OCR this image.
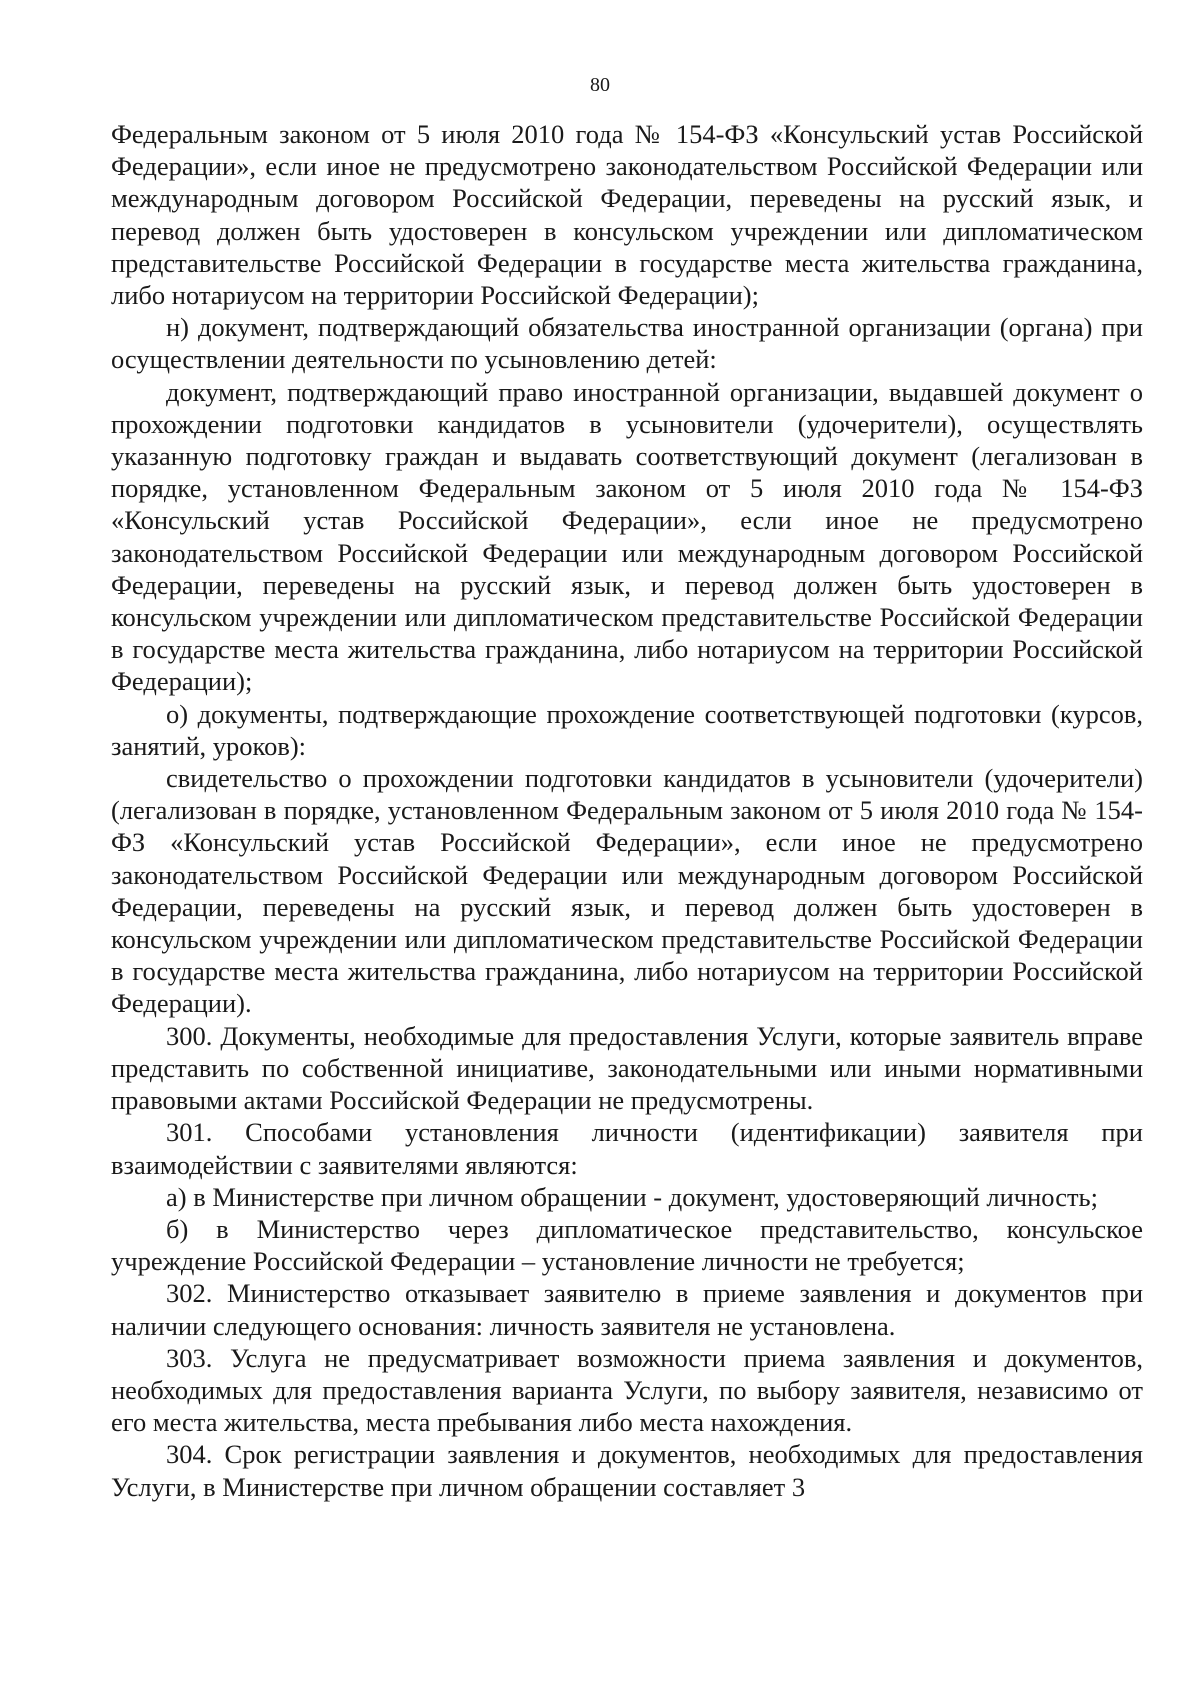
80

Федеральным законом от 5 июля 2010 года № 154-ФЗ «Консульский устав Российской Федерации», если иное не предусмотрено законодательством Российской Федерации или международным договором Российской Федерации, переведены на русский язык, и перевод должен быть удостоверен в консульском учреждении или дипломатическом представительстве Российской Федерации в государстве места жительства гражданина, либо нотариусом на территории Российской Федерации);

н) документ, подтверждающий обязательства иностранной организации (органа) при осуществлении деятельности по усыновлению детей:

документ, подтверждающий право иностранной организации, выдавшей документ о прохождении подготовки кандидатов в усыновители (удочерители), осуществлять указанную подготовку граждан и выдавать соответствующий документ (легализован в порядке, установленном Федеральным законом от 5 июля 2010 года № 154-ФЗ «Консульский устав Российской Федерации», если иное не предусмотрено законодательством Российской Федерации или международным договором Российской Федерации, переведены на русский язык, и перевод должен быть удостоверен в консульском учреждении или дипломатическом представительстве Российской Федерации в государстве места жительства гражданина, либо нотариусом на территории Российской Федерации);

о) документы, подтверждающие прохождение соответствующей подготовки (курсов, занятий, уроков):

свидетельство о прохождении подготовки кандидатов в усыновители (удочерители) (легализован в порядке, установленном Федеральным законом от 5 июля 2010 года № 154-ФЗ «Консульский устав Российской Федерации», если иное не предусмотрено законодательством Российской Федерации или международным договором Российской Федерации, переведены на русский язык, и перевод должен быть удостоверен в консульском учреждении или дипломатическом представительстве Российской Федерации в государстве места жительства гражданина, либо нотариусом на территории Российской Федерации).

300. Документы, необходимые для предоставления Услуги, которые заявитель вправе представить по собственной инициативе, законодательными или иными нормативными правовыми актами Российской Федерации не предусмотрены.

301. Способами установления личности (идентификации) заявителя при взаимодействии с заявителями являются:

а) в Министерстве при личном обращении - документ, удостоверяющий личность;

б) в Министерство через дипломатическое представительство, консульское учреждение Российской Федерации – установление личности не требуется;

302. Министерство отказывает заявителю в приеме заявления и документов при наличии следующего основания: личность заявителя не установлена.

303. Услуга не предусматривает возможности приема заявления и документов, необходимых для предоставления варианта Услуги, по выбору заявителя, независимо от его места жительства, места пребывания либо места нахождения.

304. Срок регистрации заявления и документов, необходимых для предоставления Услуги, в Министерстве при личном обращении составляет 3
